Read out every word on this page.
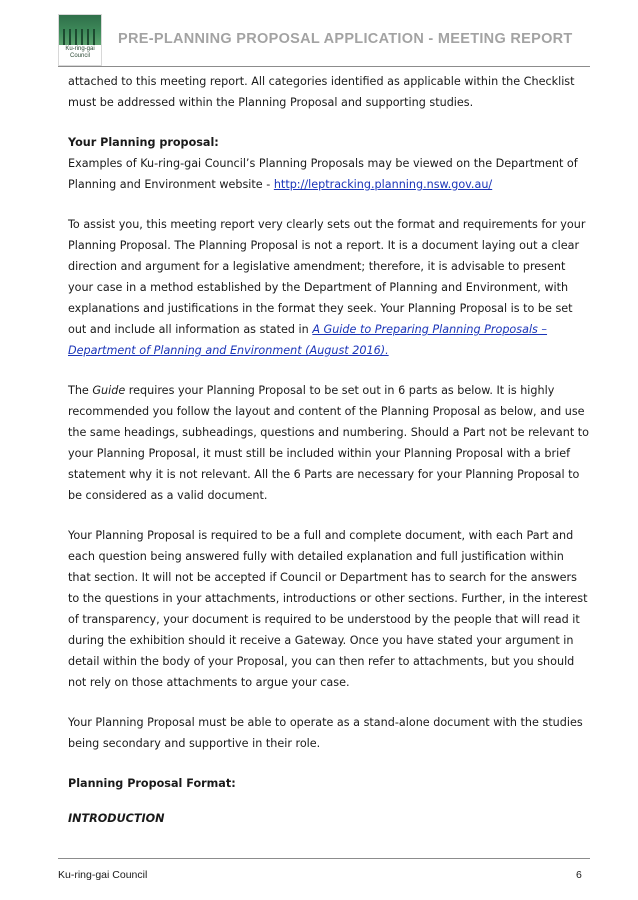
Ku-ring-gai Council
PRE-PLANNING PROPOSAL APPLICATION - MEETING REPORT

attached to this meeting report. All categories identified as applicable within the Checklist must be addressed within the Planning Proposal and supporting studies.

Your Planning proposal:

Examples of Ku-ring-gai Council’s Planning Proposals may be viewed on the Department of Planning and Environment website - http://leptracking.planning.nsw.gov.au/

To assist you, this meeting report very clearly sets out the format and requirements for your Planning Proposal. The Planning Proposal is not a report. It is a document laying out a clear direction and argument for a legislative amendment; therefore, it is advisable to present your case in a method established by the Department of Planning and Environment, with explanations and justifications in the format they seek. Your Planning Proposal is to be set out and include all information as stated in A Guide to Preparing Planning Proposals – Department of Planning and Environment (August 2016).

The Guide requires your Planning Proposal to be set out in 6 parts as below. It is highly recommended you follow the layout and content of the Planning Proposal as below, and use the same headings, subheadings, questions and numbering. Should a Part not be relevant to your Planning Proposal, it must still be included within your Planning Proposal with a brief statement why it is not relevant. All the 6 Parts are necessary for your Planning Proposal to be considered as a valid document.

Your Planning Proposal is required to be a full and complete document, with each Part and each question being answered fully with detailed explanation and full justification within that section. It will not be accepted if Council or Department has to search for the answers to the questions in your attachments, introductions or other sections. Further, in the interest of transparency, your document is required to be understood by the people that will read it during the exhibition should it receive a Gateway. Once you have stated your argument in detail within the body of your Proposal, you can then refer to attachments, but you should not rely on those attachments to argue your case.

Your Planning Proposal must be able to operate as a stand-alone document with the studies being secondary and supportive in their role.

Planning Proposal Format:

INTRODUCTION

Ku-ring-gai Council	6
